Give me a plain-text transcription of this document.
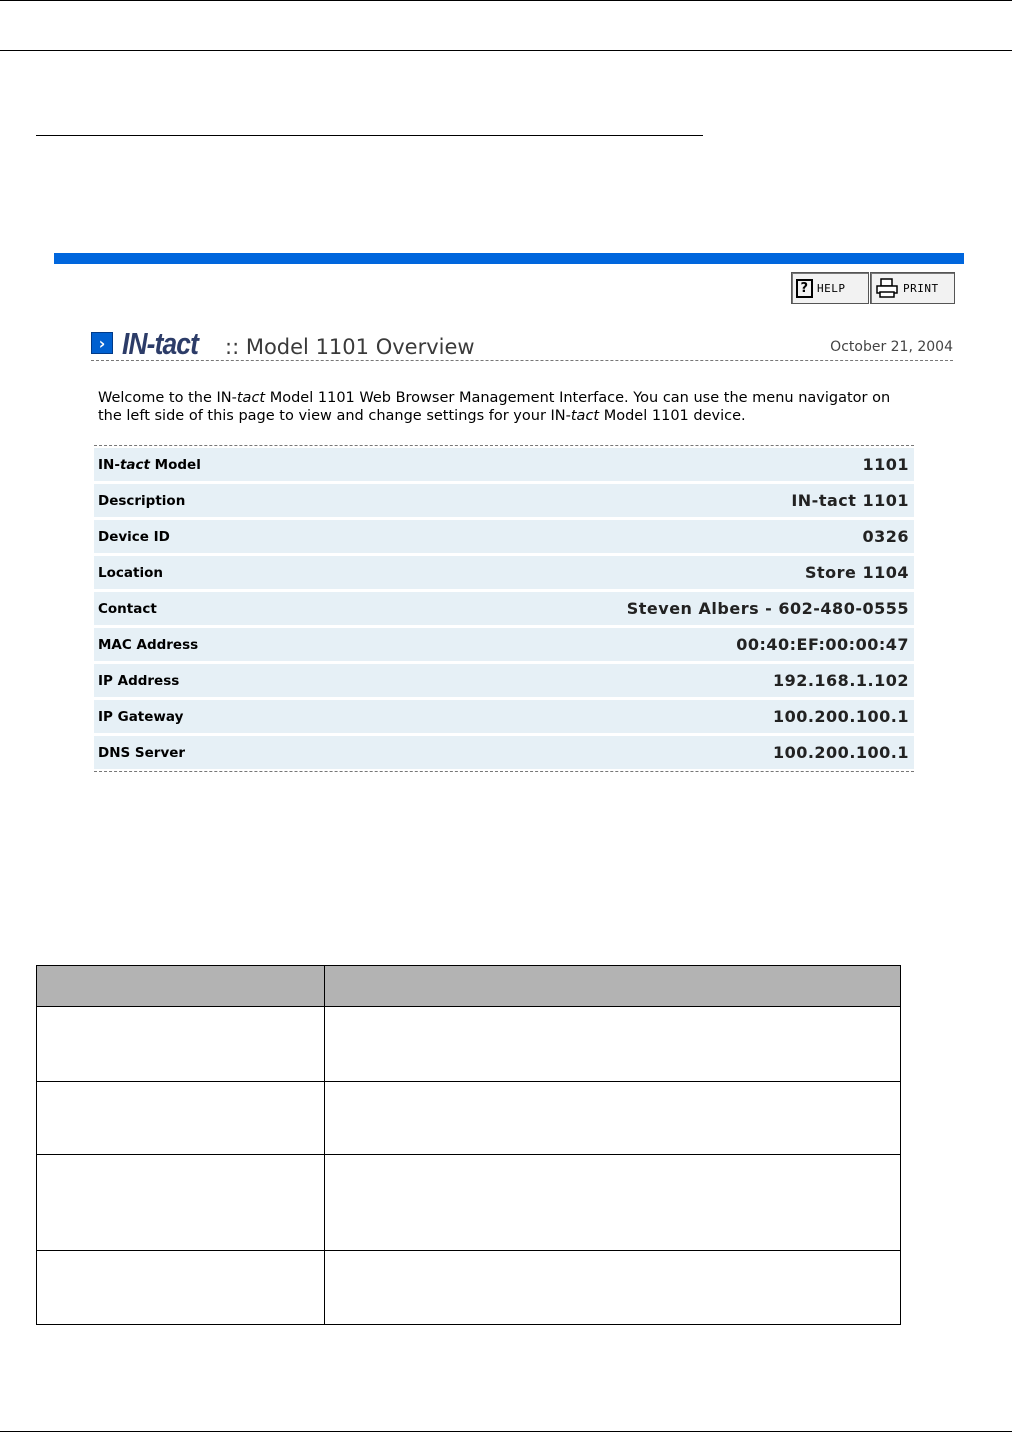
? HELP	PRINT
› IN-tact :: Model 1101 Overview	October 21, 2004
Welcome to the IN-tact Model 1101 Web Browser Management Interface. You can use the menu navigator on the left side of this page to view and change settings for your IN-tact Model 1101 device.
IN-tact Model	1101
Description	IN-tact 1101
Device ID	0326
Location	Store 1104
Contact	Steven Albers - 602-480-0555
MAC Address	00:40:EF:00:00:47
IP Address	192.168.1.102
IP Gateway	100.200.100.1
DNS Server	100.200.100.1
